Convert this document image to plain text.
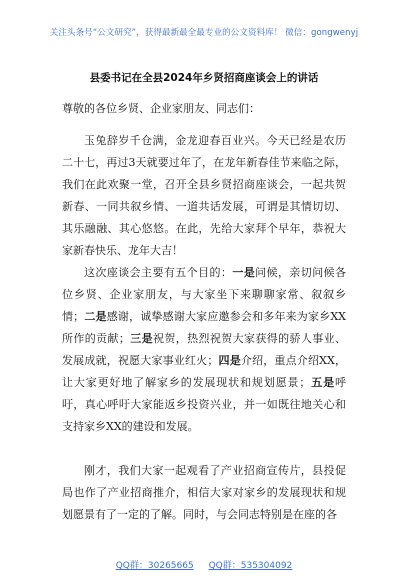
关注头条号“公文研究”，获得最新最全最专业的公文资料库！ 微信：gongwenyj
县委书记在全县2024年乡贤招商座谈会上的讲话
尊敬的各位乡贤、企业家朋友、同志们：

玉兔辞岁千仓满，金龙迎春百业兴。今天已经是农历二十七，再过3天就要过年了，在龙年新春佳节来临之际，我们在此欢聚一堂，召开全县乡贤招商座谈会，一起共贺新春、一同共叙乡情、一道共话发展，可谓是其情切切、其乐融融、其心悠悠。在此，先给大家拜个早年，恭祝大家新春快乐、龙年大吉！

这次座谈会主要有五个目的：一是问候，亲切问候各位乡贤、企业家朋友，与大家坐下来聊聊家常、叙叙乡情；二是感谢，诚挚感谢大家应邀参会和多年来为家乡XX所作的贡献；三是祝贺，热烈祝贺大家获得的骄人事业、发展成就，祝愿大家事业红火；四是介绍，重点介绍XX，让大家更好地了解家乡的发展现状和规划愿景；五是呼吁，真心呼吁大家能返乡投资兴业，并一如既往地关心和支持家乡XX的建设和发展。

刚才，我们大家一起观看了产业招商宣传片，县投促局也作了产业招商推介，相信大家对家乡的发展现状和规划愿景有了一定的了解。同时，与会同志特别是在座的各

QQ群：30265665 QQ群：535304092
